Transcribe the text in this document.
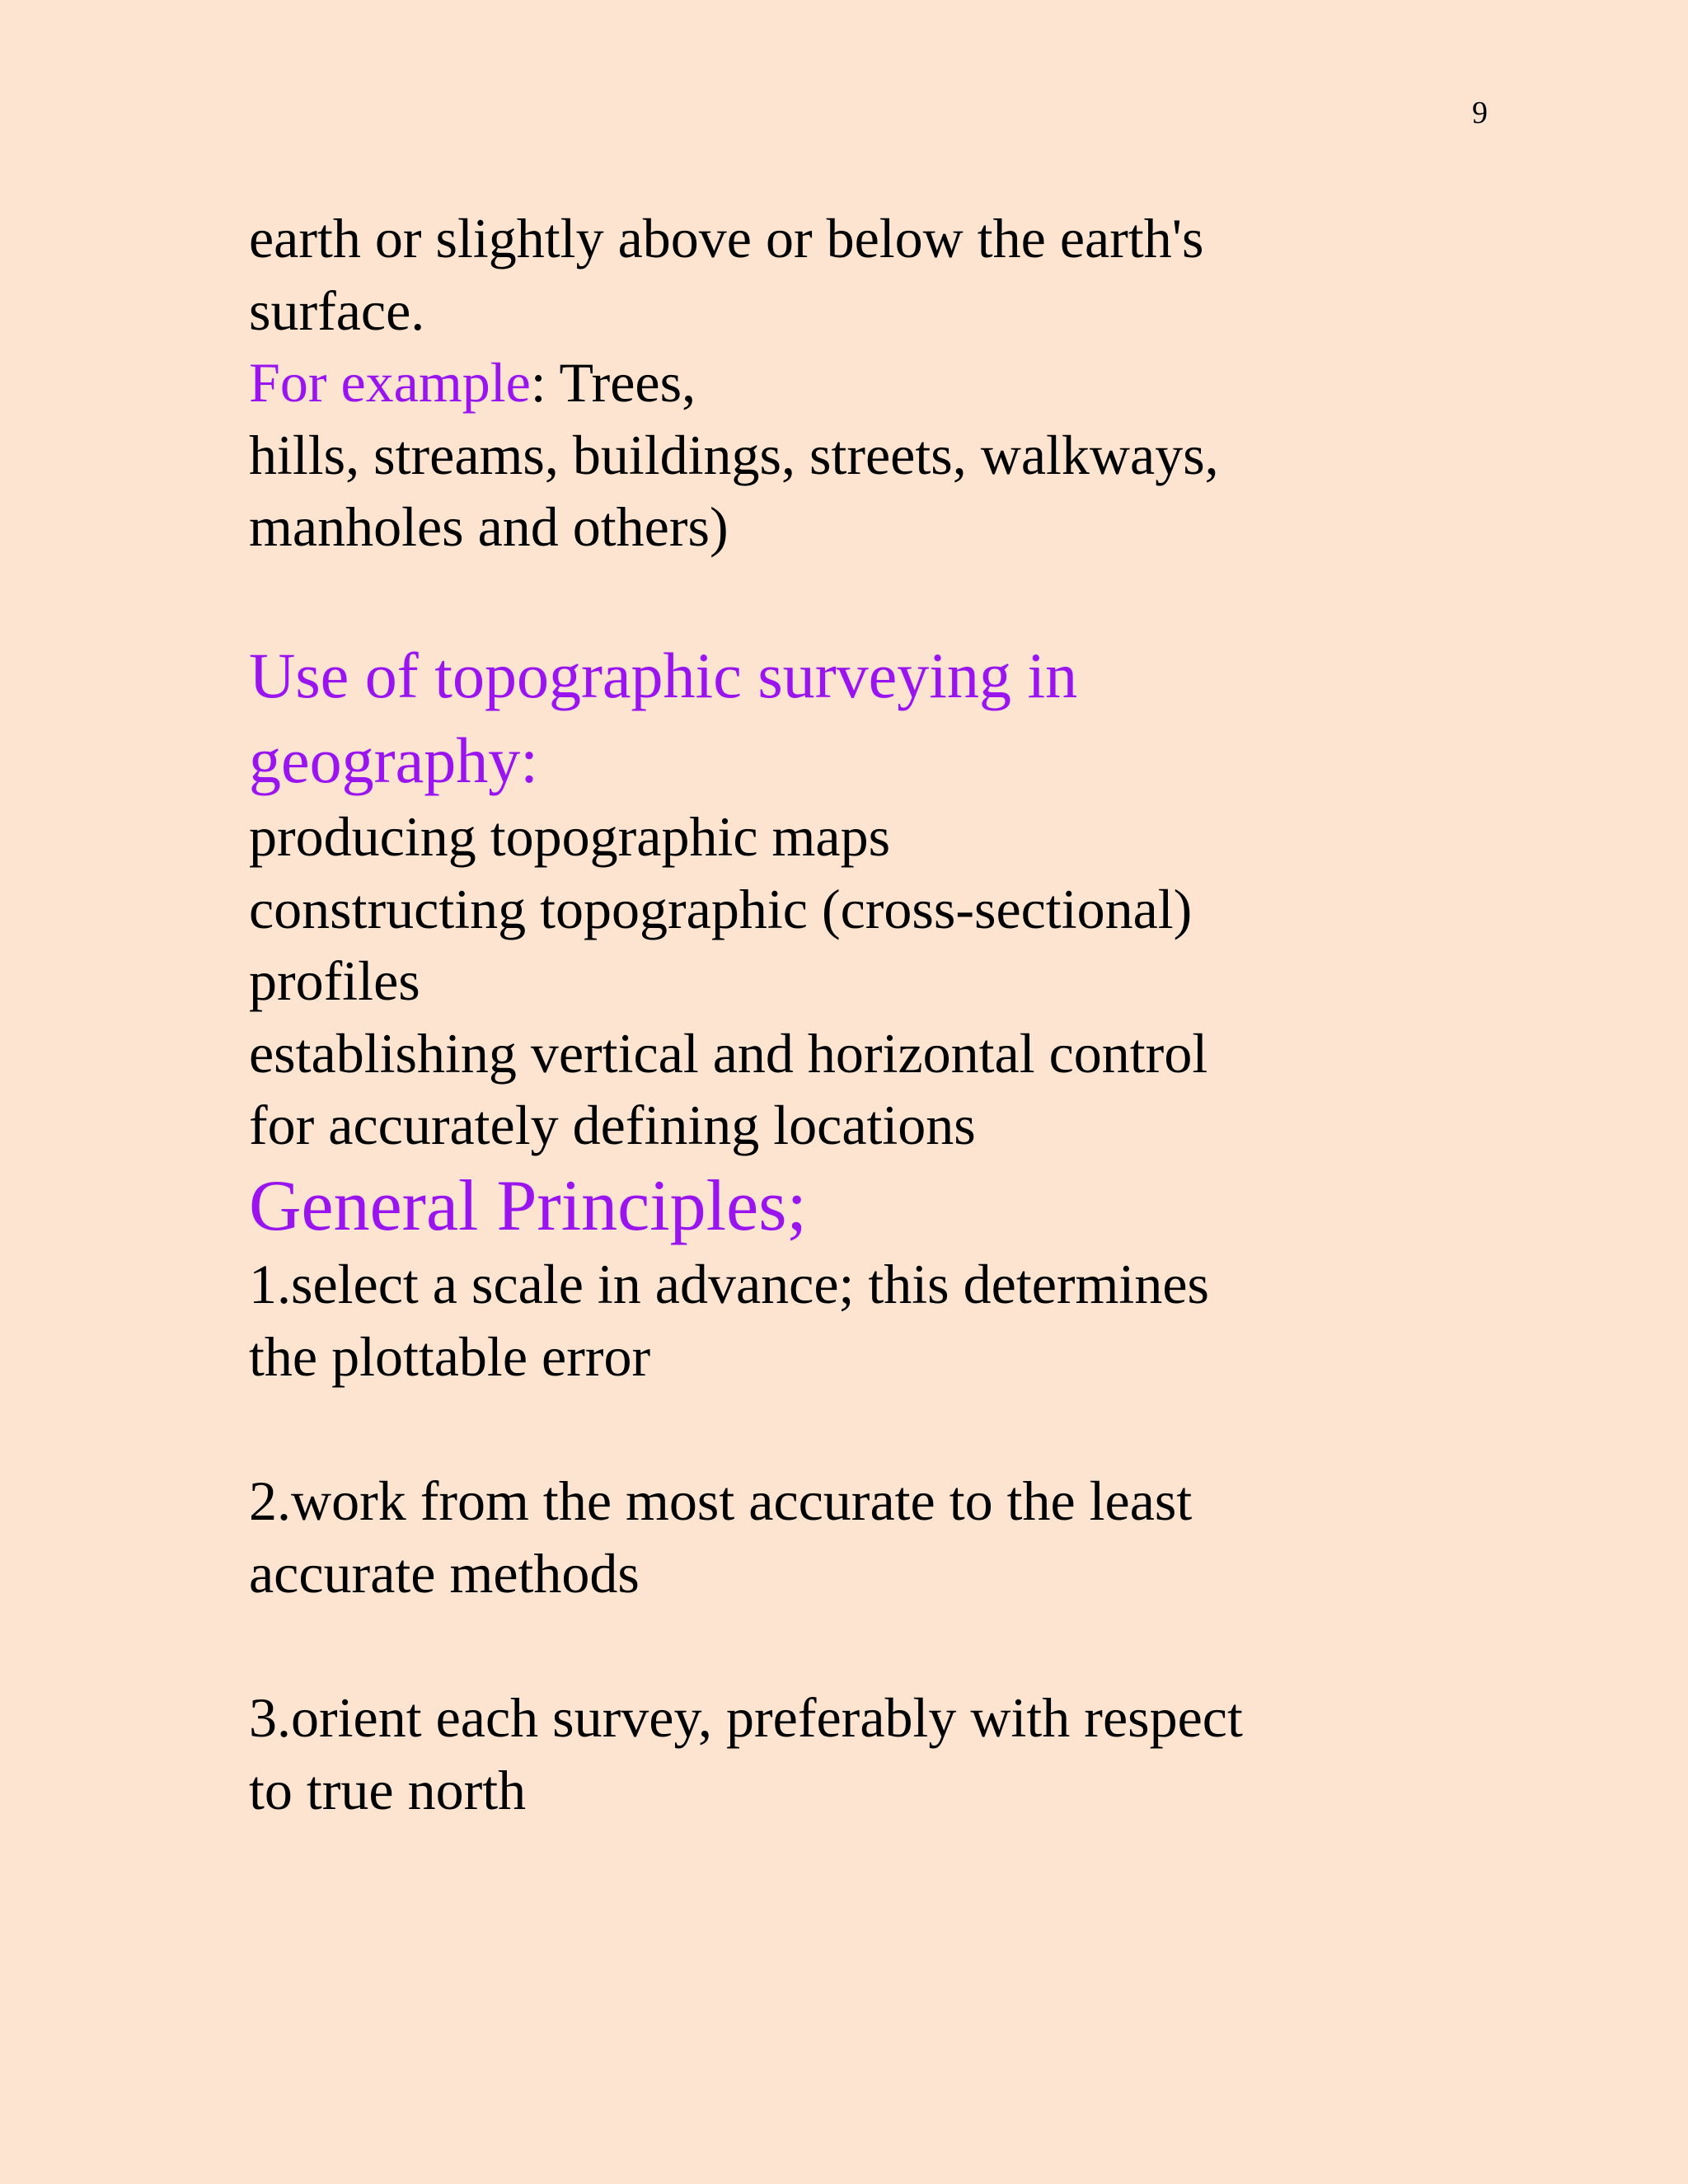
9
earth or slightly above or below the earth's
surface.
For example: Trees,
hills, streams, buildings, streets, walkways,
manholes and others)
Use of topographic surveying in
geography:
producing topographic maps
constructing topographic (cross-sectional)
profiles
establishing vertical and horizontal control
for accurately defining locations
General Principles;
1.select a scale in advance; this determines
the plottable error
2.work from the most accurate to the least
accurate methods
3.orient each survey, preferably with respect
to true north
